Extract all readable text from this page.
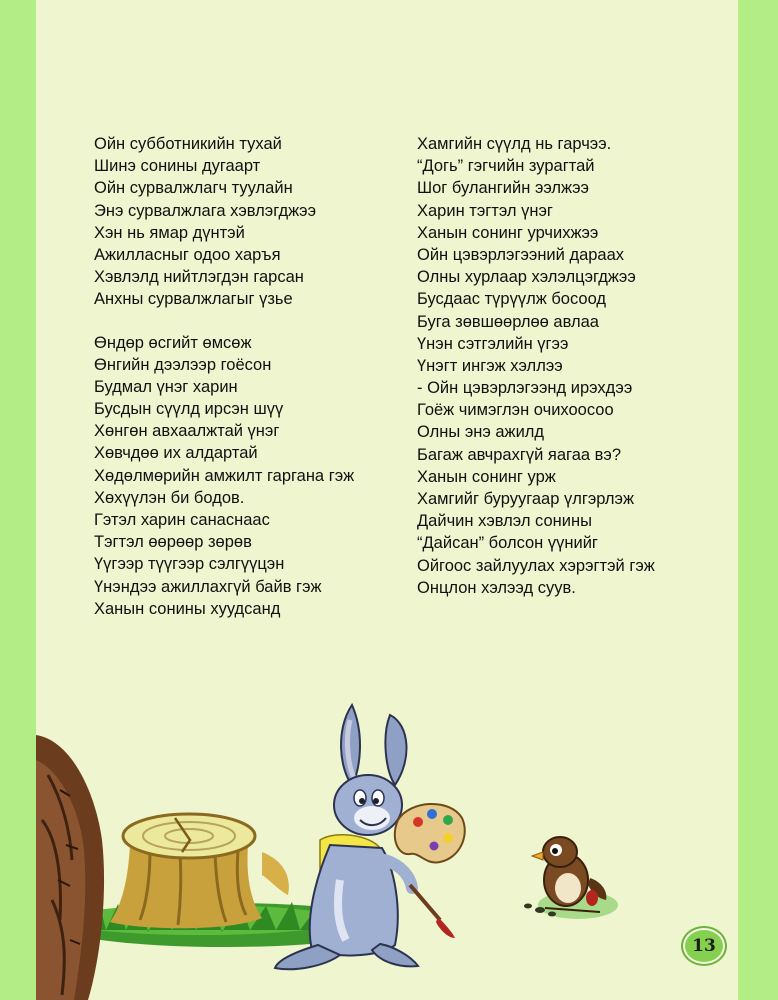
Ойн субботникийн тухай
Шинэ сонины дугаарт
Ойн сурвалжлагч туулайн
Энэ сурвалжлага хэвлэгджээ
Хэн нь ямар дүнтэй
Ажилласныг одоо харъя
Хэвлэлд нийтлэгдэн гарсан
Анхны сурвалжлагыг үзье
Өндөр өсгийт өмсөж
Өнгийн дээлээр гоёсон
Будмал үнэг харин
Бусдын сүүлд ирсэн шүү
Хөнгөн авхаалжтай үнэг
Хөвчдөө их алдартай
Хөдөлмөрийн амжилт гаргана гэж
Хөхүүлэн би бодов.
Гэтэл харин санаснаас
Тэгтэл өөрөөр зөрөв
Үүгээр түүгээр сэлгүүцэн
Үнэндээ ажиллахгүй байв гэж
Ханын сонины хуудсанд
Хамгийн сүүлд нь гарчээ.
“Догь” гэгчийн зурагтай
Шог булангийн ээлжээ
Харин тэгтэл үнэг
Ханын сонинг урчихжээ
Ойн цэвэрлэгээний дараах
Олны хурлаар хэлэлцэгджээ
Бусдаас түрүүлж босоод
Буга зөвшөөрлөө авлаа
Үнэн сэтгэлийн үгээ
Үнэгт ингэж хэллээ
- Ойн цэвэрлэгээнд ирэхдээ
Гоёж чимэглэн очихоосоо
Олны энэ ажилд
Багаж авчрахгүй яагаа вэ?
Ханын сонинг урж
Хамгийг буруугаар үлгэрлэж
Дайчин хэвлэл сонины
“Дайсан” болсон үүнийг
Ойгоос зайлуулах хэрэгтэй гэж
Онцлон хэлээд суув.
13
